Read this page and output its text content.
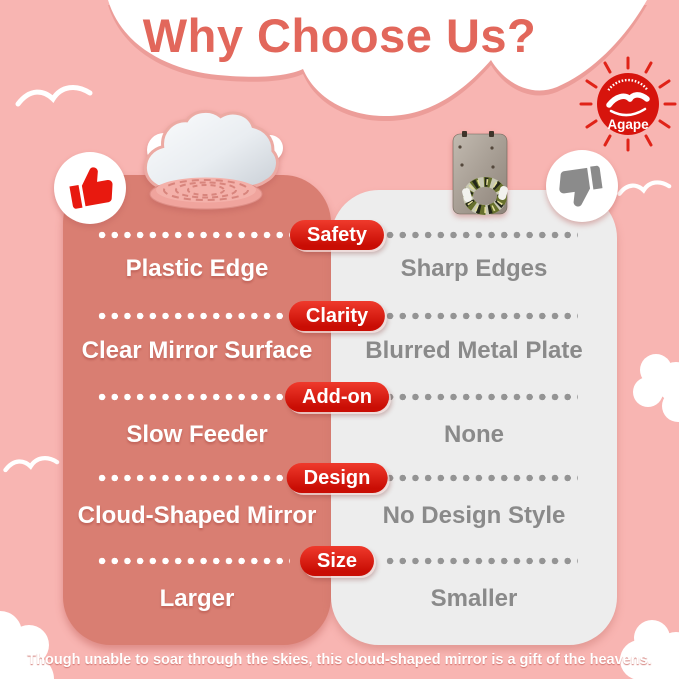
Why Choose Us?
Agape
Safety
Plastic Edge	Sharp Edges
Clarity
Clear Mirror Surface	Blurred Metal Plate
Add-on
Slow Feeder	None
Design
Cloud-Shaped Mirror	No Design Style
Size
Larger	Smaller
Though unable to soar through the skies, this cloud-shaped mirror is a gift of the heavens.
